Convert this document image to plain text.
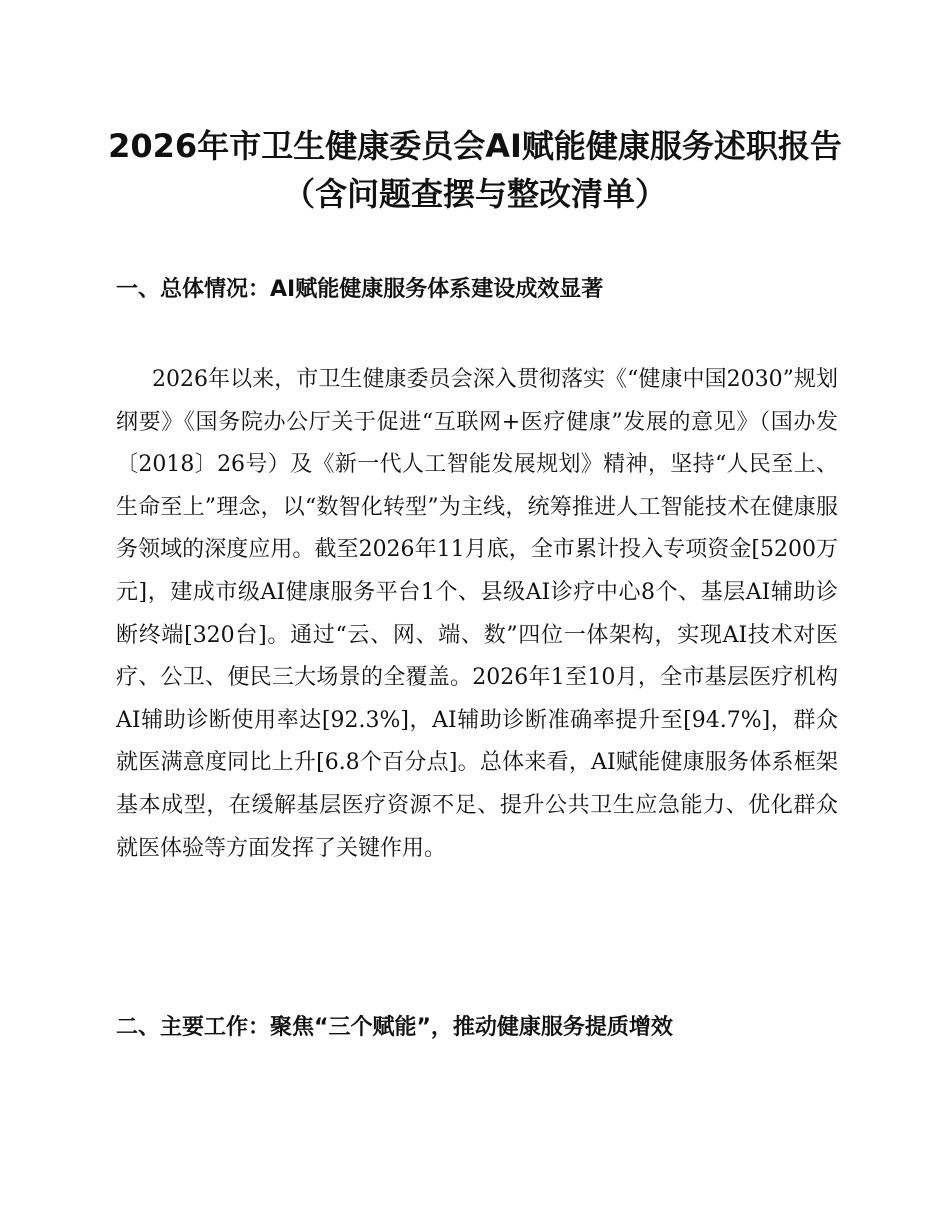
2026年市卫生健康委员会AI赋能健康服务述职报告（含问题查摆与整改清单）
一、总体情况：AI赋能健康服务体系建设成效显著

2026年以来，市卫生健康委员会深入贯彻落实《“健康中国2030”规划纲要》《国务院办公厅关于促进“互联网+医疗健康”发展的意见》（国办发〔2018〕26号）及《新一代人工智能发展规划》精神，坚持“人民至上、生命至上”理念，以“数智化转型”为主线，统筹推进人工智能技术在健康服务领域的深度应用。截至2026年11月底，全市累计投入专项资金[5200万元]，建成市级AI健康服务平台1个、县级AI诊疗中心8个、基层AI辅助诊断终端[320台]。通过“云、网、端、数”四位一体架构，实现AI技术对医疗、公卫、便民三大场景的全覆盖。2026年1至10月，全市基层医疗机构AI辅助诊断使用率达[92.3%]，AI辅助诊断准确率提升至[94.7%]，群众就医满意度同比上升[6.8个百分点]。总体来看，AI赋能健康服务体系框架基本成型，在缓解基层医疗资源不足、提升公共卫生应急能力、优化群众就医体验等方面发挥了关键作用。

二、主要工作：聚焦“三个赋能”，推动健康服务提质增效
